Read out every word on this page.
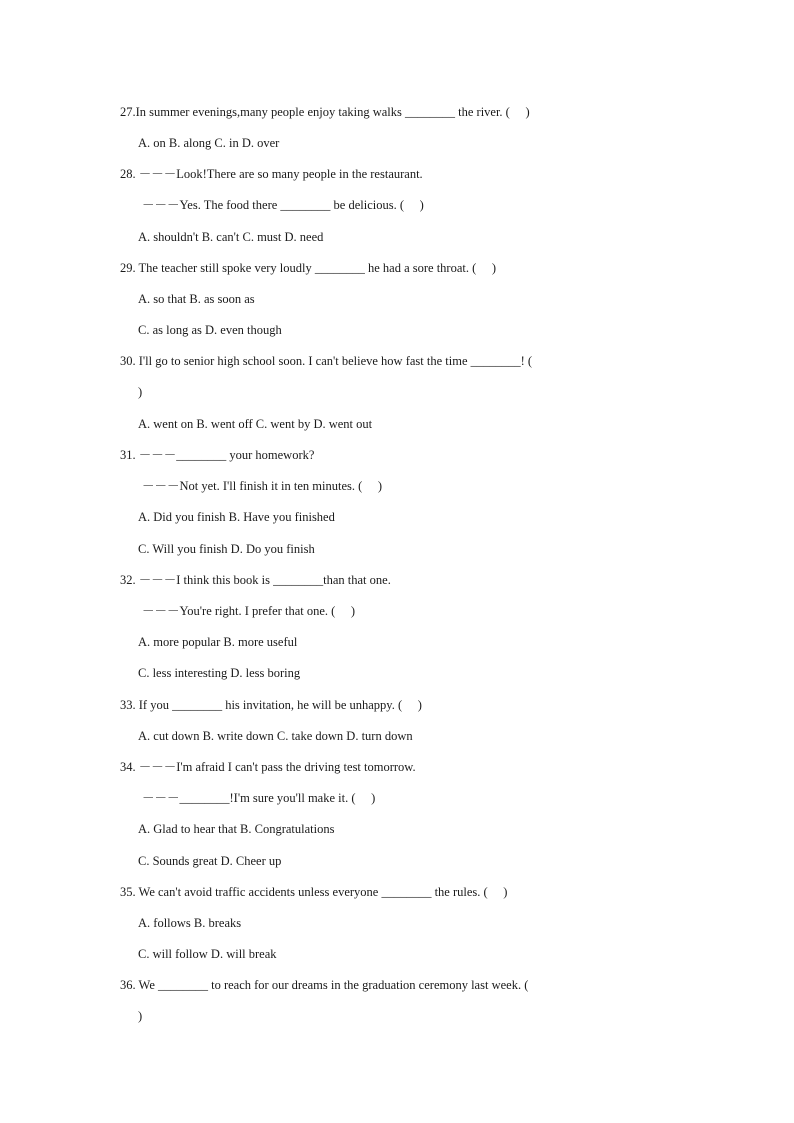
27.In summer evenings,many people enjoy taking walks ________ the river. (     )
A. on B. along C. in D. over
28. －－－Look!There are so many people in the restaurant.
－－－Yes. The food there ________ be delicious. (     )
A. shouldn't B. can't C. must D. need
29. The teacher still spoke very loudly ________ he had a sore throat. (     )
A. so that B. as soon as
C. as long as D. even though
30. I'll go to senior high school soon. I can't believe how fast the time ________! (
)
A. went on B. went off C. went by D. went out
31. －－－________ your homework?
－－－Not yet. I'll finish it in ten minutes. (     )
A. Did you finish B. Have you finished
C. Will you finish D. Do you finish
32. －－－I think this book is ________than that one.
－－－You're right. I prefer that one. (     )
A. more popular B. more useful
C. less interesting D. less boring
33. If you ________ his invitation, he will be unhappy. (     )
A. cut down B. write down C. take down D. turn down
34. －－－I'm afraid I can't pass the driving test tomorrow.
－－－________!I'm sure you'll make it. (     )
A. Glad to hear that B. Congratulations
C. Sounds great D. Cheer up
35. We can't avoid traffic accidents unless everyone ________ the rules. (     )
A. follows B. breaks
C. will follow D. will break
36. We ________ to reach for our dreams in the graduation ceremony last week. (
)
